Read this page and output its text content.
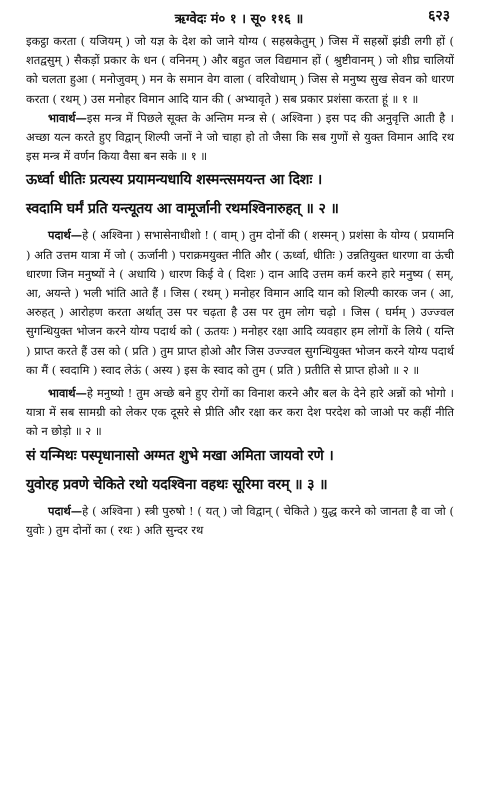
ऋग्वेदः मं० १ । सू० ११६ ॥	६२३

इकट्ठा करता ( यजियम् ) जो यज्ञ के देश को जाने योग्य ( सहस्रकेतुम् ) जिस में सहस्रों झंडी लगी हों ( शतद्वसुम् ) सैकड़ों प्रकार के धन ( वनिनम् ) और बहुत जल विद्यमान हों ( श्रुष्टीवानम् ) जो शीघ्र चालियों को चलता हुआ ( मनोजुवम् ) मन के समान वेग वाला ( वरिवोधाम् ) जिस से मनुष्य सुख सेवन को धारण करता ( रथम् ) उस मनोहर विमान आदि यान की ( अभ्यावृते ) सब प्रकार प्रशंसा करता हूं ॥ १ ॥

भावार्थ—इस मन्त्र में पिछले सूक्त के अन्तिम मन्त्र से ( अश्विना ) इस पद की अनुवृत्ति आती है । अच्छा यत्न करते हुए विद्वान् शिल्पी जनों ने जो चाहा हो तो जैसा कि सब गुणों से युक्त विमान आदि रथ इस मन्त्र में वर्णन किया वैसा बन सके ॥ १ ॥

ऊर्ध्वा धीतिः प्रत्यस्य प्रयामन्यधायि शस्मन्त्समयन्त आ दिशः ।
स्वदामि घर्मं प्रति यन्त्यूतय आ वामूर्जानी रथमश्विनारुहत् ॥ २ ॥

पदार्थ—हे ( अश्विना ) सभासेनाधीशो ! ( वाम् ) तुम दोनों की ( शस्मन् ) प्रशंसा के योग्य ( प्रयामनि ) अति उत्तम यात्रा में जो ( ऊर्जानी ) पराक्रमयुक्त नीति और ( ऊर्ध्वा, धीतिः ) उन्नतियुक्त धारणा वा ऊंची धारणा जिन मनुष्यों ने ( अधायि ) धारण किई वे ( दिशः ) दान आदि उत्तम कर्म करने हारे मनुष्य ( सम्, आ, अयन्ते ) भली भांति आते हैं । जिस ( रथम् ) मनोहर विमान आदि यान को शिल्पी कारक जन ( आ, अरुहत् ) आरोहण करता अर्थात् उस पर चढ़ता है उस पर तुम लोग चढ़ो । जिस ( घर्मम् ) उज्ज्वल सुगन्धियुक्त भोजन करने योग्य पदार्थ को ( ऊतयः ) मनोहर रक्षा आदि व्यवहार हम लोगों के लिये ( यन्ति ) प्राप्त करते हैं उस को ( प्रति ) तुम प्राप्त होओ और जिस उज्ज्वल सुगन्धियुक्त भोजन करने योग्य पदार्थ का मैं ( स्वदामि ) स्वाद लेऊं ( अस्य ) इस के स्वाद को तुम ( प्रति ) प्रतीति से प्राप्त होओ ॥ २ ॥

भावार्थ—हे मनुष्यो ! तुम अच्छे बने हुए रोगों का विनाश करने और बल के देने हारे अन्नों को भोगो । यात्रा में सब सामग्री को लेकर एक दूसरे से प्रीति और रक्षा कर करा देश परदेश को जाओ पर कहीं नीति को न छोड़ो ॥ २ ॥

सं यन्मिथः पस्पृधानासो अग्मत शुभे मखा अमिता जायवो रणे ।
युवोरह प्रवणे चेकिते रथो यदश्विना वहथः सूरिमा वरम् ॥ ३ ॥

पदार्थ—हे ( अश्विना ) स्त्री पुरुषो ! ( यत् ) जो विद्वान् ( चेकिते ) युद्ध करने को जानता है वा जो ( युवोः ) तुम दोनों का ( रथः ) अति सुन्दर रथ
